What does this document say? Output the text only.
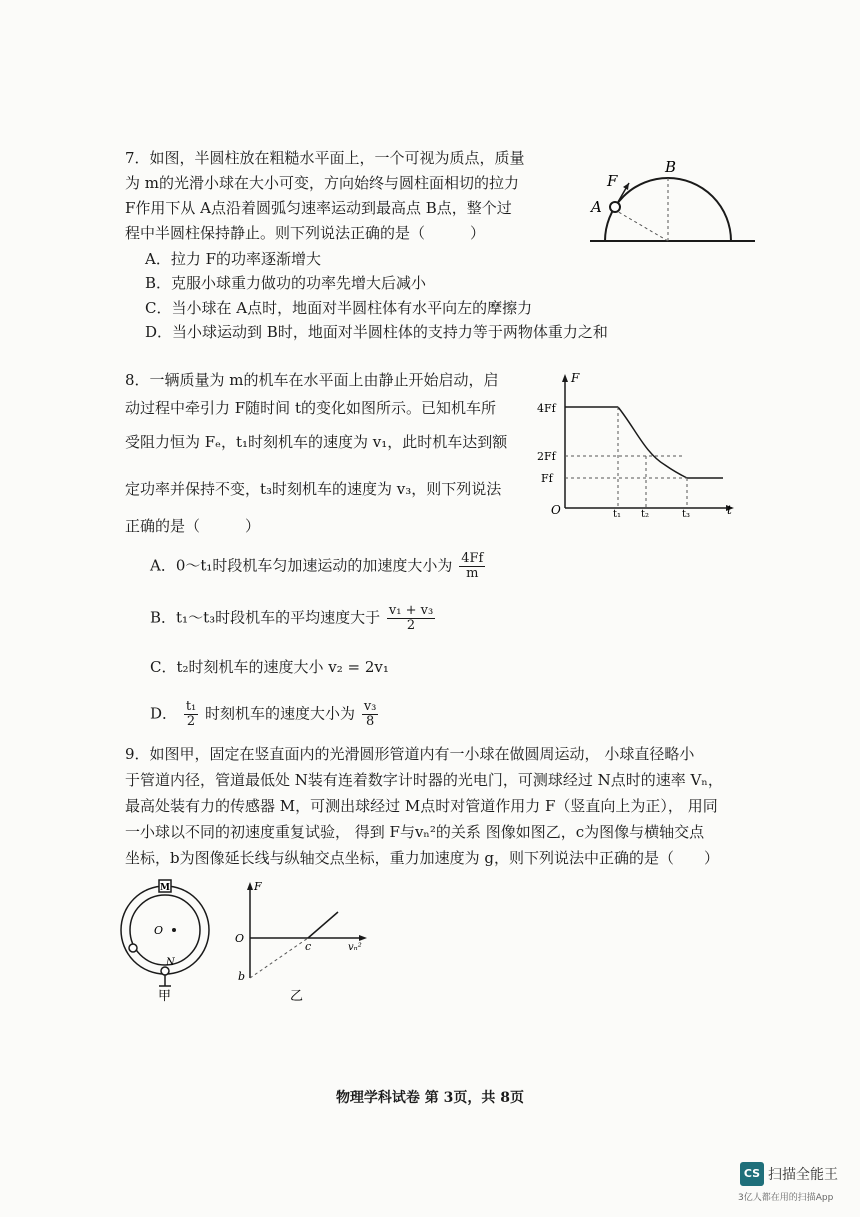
7．如图，半圆柱放在粗糙水平面上，一个可视为质点，质量
为 m的光滑小球在大小可变，方向始终与圆柱面相切的拉力
F作用下从 A点沿着圆弧匀速率运动到最高点 B点，整个过
程中半圆柱保持静止。则下列说法正确的是（　　　）
A．拉力 F的功率逐渐增大
B．克服小球重力做功的功率先增大后减小
C．当小球在 A点时，地面对半圆柱体有水平向左的摩擦力
D．当小球运动到 B时，地面对半圆柱体的支持力等于两物体重力之和
F
A
B
8．一辆质量为 m的机车在水平面上由静止开始启动，启
动过程中牵引力 F随时间 t的变化如图所示。已知机车所
受阻力恒为 Fₑ，t₁时刻机车的速度为 v₁，此时机车达到额
定功率并保持不变，t₃时刻机车的速度为 v₃，则下列说法
正确的是（　　　）
A．0～t₁时段机车匀加速运动的加速度大小为 $\frac{4Ff}{m}$
B．t₁～t₃时段机车的平均速度大于 $\frac{\text{v₁ + v₃}}{2}$
C．t₂时刻机车的速度大小 v₂ = 2v₁
D． $\frac{\text{t₁}}{2}$ 时刻机车的速度大小为 $\frac{\text{v₃}}{8}$
F
t
O
4Ff
2Ff
Ff
t₁ t₂	t₃
9．如图甲，固定在竖直面内的光滑圆形管道内有一小球在做圆周运动， 小球直径略小
于管道内径，管道最低处 N装有连着数字计时器的光电门，可测球经过 N点时的速率 Vₙ，
最高处装有力的传感器 M，可测出球经过 M点时对管道作用力 F（竖直向上为正）， 用同
一小球以不同的初速度重复试验， 得到 F与vₙ²的关系 图像如图乙，c为图像与横轴交点
坐标，b为图像延长线与纵轴交点坐标，重力加速度为 g，则下列说法中正确的是（　　）
M
O
N
甲
F
O
c
b
vₙ²
乙
物理学科试卷 第 3页，共 8页
CS 扫描全能王
3亿人都在用的扫描App
